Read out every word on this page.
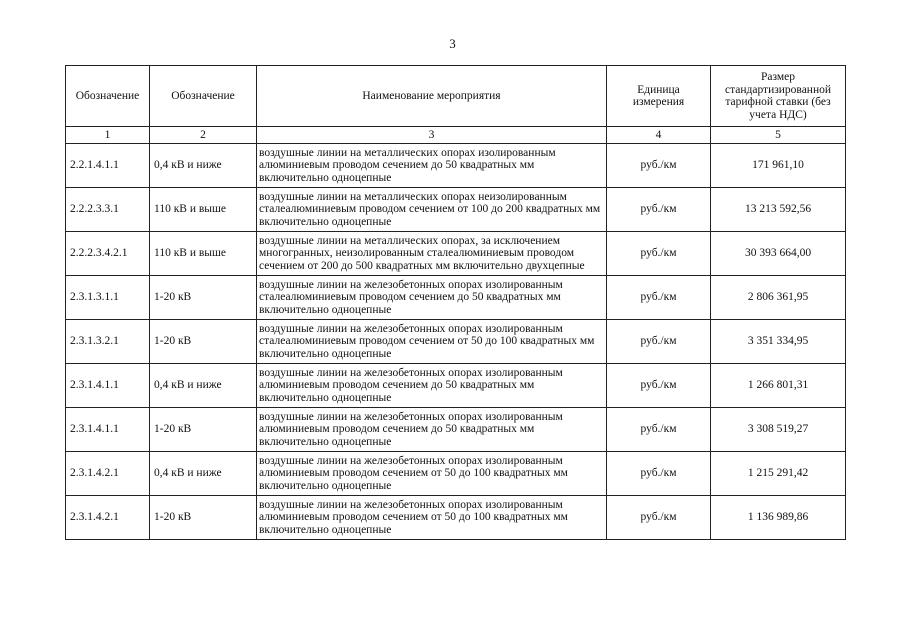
3
Обозначение	Обозначение	Наименование мероприятия	Единица измерения	Размер стандартизированной тарифной ставки (без учета НДС)
1	2	3	4	5
2.2.1.4.1.1	0,4 кВ и ниже	воздушные линии на металлических опорах изолированным алюминиевым проводом сечением до 50 квадратных мм включительно одноцепные	руб./км	171 961,10
2.2.2.3.3.1	110 кВ и выше	воздушные линии на металлических опорах неизолированным сталеалюминиевым проводом сечением от 100 до 200 квадратных мм включительно одноцепные	руб./км	13 213 592,56
2.2.2.3.4.2.1	110 кВ и выше	воздушные линии на металлических опорах, за исключением многогранных, неизолированным сталеалюминиевым проводом сечением от 200 до 500 квадратных мм включительно двухцепные	руб./км	30 393 664,00
2.3.1.3.1.1	1-20 кВ	воздушные линии на железобетонных опорах изолированным сталеалюминиевым проводом сечением до 50 квадратных мм включительно одноцепные	руб./км	2 806 361,95
2.3.1.3.2.1	1-20 кВ	воздушные линии на железобетонных опорах изолированным сталеалюминиевым проводом сечением от 50 до 100 квадратных мм включительно одноцепные	руб./км	3 351 334,95
2.3.1.4.1.1	0,4 кВ и ниже	воздушные линии на железобетонных опорах изолированным алюминиевым проводом сечением до 50 квадратных мм включительно одноцепные	руб./км	1 266 801,31
2.3.1.4.1.1	1-20 кВ	воздушные линии на железобетонных опорах изолированным алюминиевым проводом сечением до 50 квадратных мм включительно одноцепные	руб./км	3 308 519,27
2.3.1.4.2.1	0,4 кВ и ниже	воздушные линии на железобетонных опорах изолированным алюминиевым проводом сечением от 50 до 100 квадратных мм включительно одноцепные	руб./км	1 215 291,42
2.3.1.4.2.1	1-20 кВ	воздушные линии на железобетонных опорах изолированным алюминиевым проводом сечением от 50 до 100 квадратных мм включительно одноцепные	руб./км	1 136 989,86
